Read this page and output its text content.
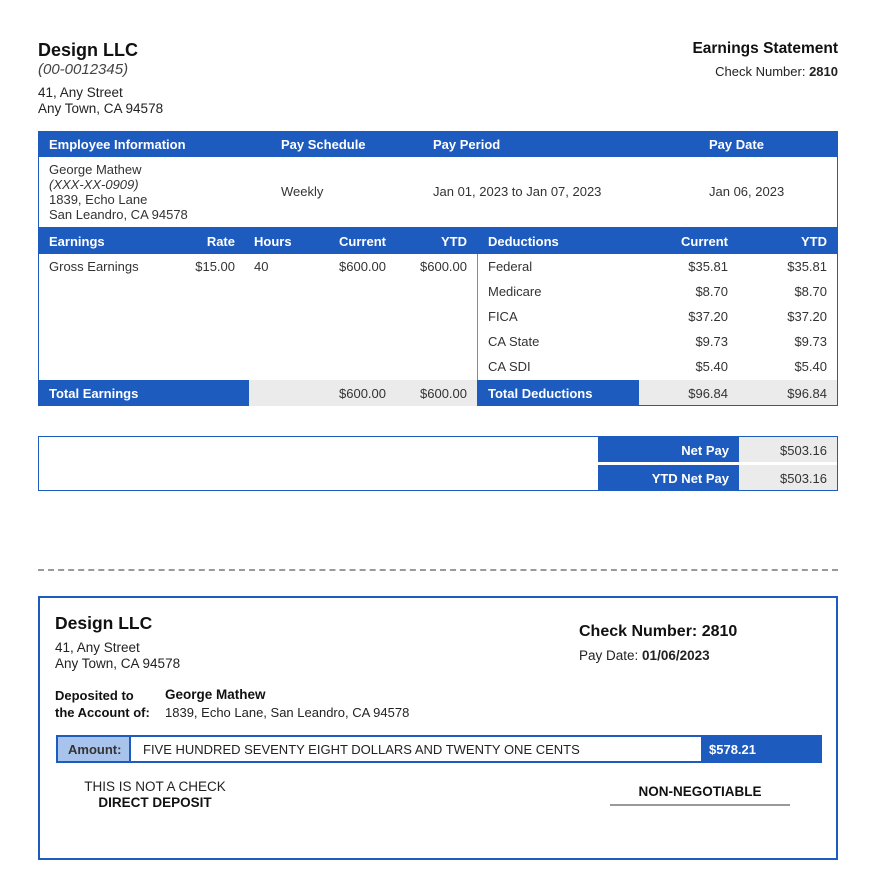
Design LLC
(00-0012345)
41, Any Street
Any Town, CA 94578
Earnings Statement
Check Number: 2810
Employee Information	Pay Schedule	Pay Period	Pay Date
George Mathew
(XXX-XX-0909)
1839, Echo Lane
San Leandro, CA 94578
Weekly	Jan 01, 2023 to Jan 07, 2023	Jan 06, 2023
Earnings	Rate Hours	Current	YTD Deductions	Current	YTD
Gross Earnings	$15.00 40	$600.00	$600.00 Federal	$35.81	$35.81
Medicare	$8.70	$8.70
FICA	$37.20	$37.20
CA State	$9.73	$9.73
CA SDI	$5.40	$5.40
Total Earnings	$600.00	$600.00 Total Deductions	$96.84	$96.84
Net Pay	$503.16
YTD Net Pay	$503.16
Design LLC
41, Any Street
Any Town, CA 94578
Check Number: 2810
Pay Date: 01/06/2023
Deposited to
the Account of:
George Mathew
1839, Echo Lane, San Leandro, CA 94578
Amount: FIVE HUNDRED SEVENTY EIGHT DOLLARS AND TWENTY ONE CENTS	$578.21
THIS IS NOT A CHECK
DIRECT DEPOSIT
NON-NEGOTIABLE
